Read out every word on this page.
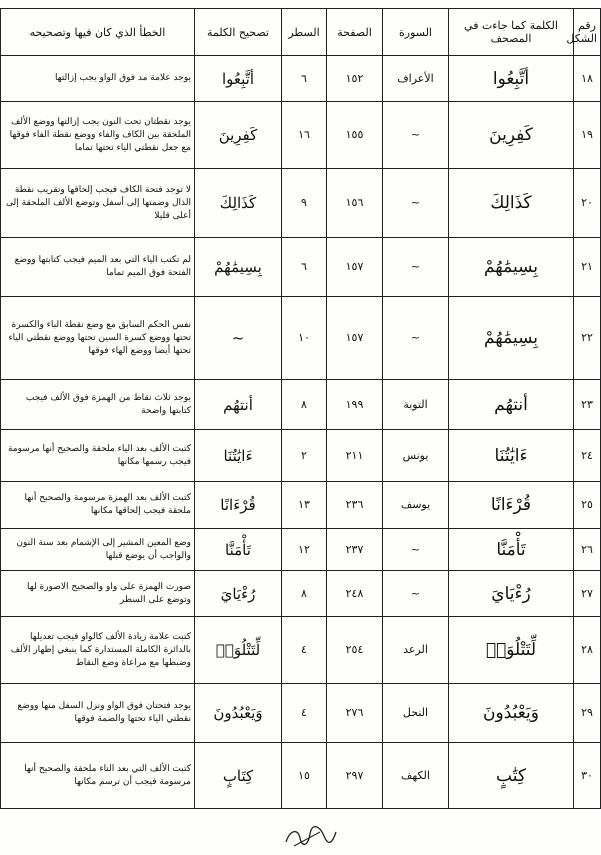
رقم الشكل	الكلمة كما جاءت في المصحف	السورة	الصفحة	السطر	تصحيح الكلمة	الخطأ الذي كان فيها وتصحيحه
١٨	أتَّبِعُوا	الأعراف	١٥٢	٦	أتَّبِعُوا	يوجد علامة مد فوق الواو يجب إزالتها
١٩	كَفِرِينَ	~	١٥٥	١٦	كَفِرِينَ	يوجد نقطتان تحت النون يجب إزالتها ووضع الألف الملحقة بين الكاف والفاء ووضع نقطة الفاء فوقها مع جعل نقطتي الياء تحتها تماما
٢٠	كَذَالِكَ	~	١٥٦	٩	كَذَالِكَ	لا توجد فتحة الكاف فيجب إلحاقها وتقريب نقطة الذال وضمتها إلى أسفل وتوضع الألف الملحقة إلى أعلى قليلا
٢١	بِسِيمَٰهُمْ	~	١٥٧	٦	بِسِيمَٰهُمْ	لم تكتب الياء التي بعد الميم فيجب كتابتها ووضع الفتحة فوق الميم تماما
٢٢	بِسِيمَٰهُمْ	~	١٥٧	١٠	~	نفس الحكم السابق مع وضع نقطة الباء والكسرة تحتها ووضع كسرة السين تحتها ووضع نقطتي الياء تحتها أيضا ووضع الهاء فوقها
٢٣	أنتهُم	التوبة	١٩٩	٨	أنتهُم	يوجد ثلاث نقاط من الهمزة فوق الألف فيجب كتابتها واضحة
٢٤	ءَايَٰتُنَا	يونس	٢١١	٢	ءَايَٰتُنَا	كتبت الألف بعد الياء ملحقة والصحيح أنها مرسومة فيجب رسمها مكانها
٢٥	قُرْءَانًا	يوسف	٢٣٦	١٣	قُرْءَانًا	كتبت الألف بعد الهمزة مرسومة والصحيح أنها ملحقة فيجب إلحاقها مكانها
٢٦	تَأْمَنَّا	~	٢٣٧	١٢	تَأْمَنَّا	وضع المعين المشير إلى الإشمام بعد سنة النون والواجب أن يوضع قبلها
٢٧	رُءْيَايَ	~	٢٤٨	٨	رُءْيَايَ	صورت الهمزة على واو والصحيح الاصورة لها وتوضع على السطر
٢٨	لِّتَتْلُوَا۟	الرعد	٢٥٤	٤	لِّتَتْلُوَا۟	كتبت علامة زيادة الألف كالواو فيجب تعديلها بالدائرة الكاملة المستدارة كما ينبغي إظهار الألف وضبطها مع مراعاة وضع النقاط
٢٩	وَيَعْبُدُونَ	النحل	٢٧٦	٤	وَيَعْبُدُونَ	يوجد فتحتان فوق الواو ونزل السفل منها ووضع نقطتي الياء تحتها والضمة فوقها
٣٠	كِتَٰبٍ	الكهف	٢٩٧	١٥	كِتَابٍ	كتبت الألف التي بعد التاء ملحقة والصحيح أنها مرسومة فيجب أن ترسم مكانها
